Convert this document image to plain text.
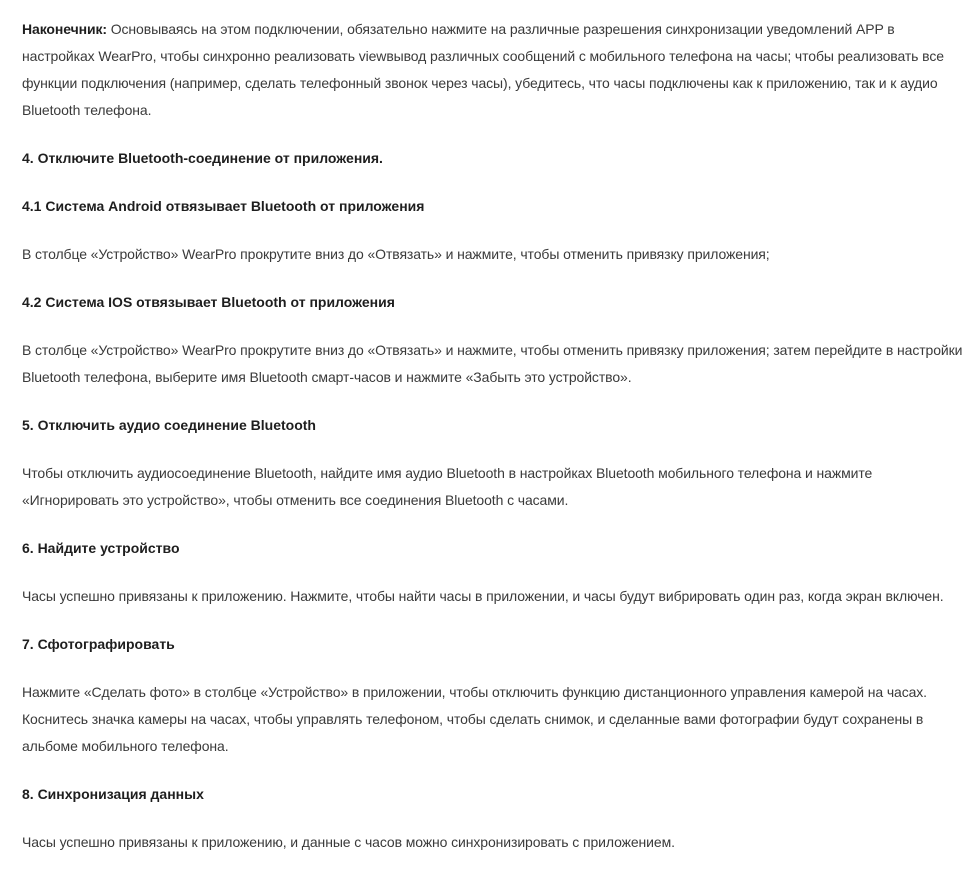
Наконечник: Основываясь на этом подключении, обязательно нажмите на различные разрешения синхронизации уведомлений APP в настройках WearPro, чтобы синхронно реализовать viewвывод различных сообщений с мобильного телефона на часы; чтобы реализовать все функции подключения (например, сделать телефонный звонок через часы), убедитесь, что часы подключены как к приложению, так и к аудио Bluetooth телефона.

4. Отключите Bluetooth-соединение от приложения.
4.1 Система Android отвязывает Bluetooth от приложения

В столбце «Устройство» WearPro прокрутите вниз до «Отвязать» и нажмите, чтобы отменить привязку приложения;

4.2 Система IOS отвязывает Bluetooth от приложения

В столбце «Устройство» WearPro прокрутите вниз до «Отвязать» и нажмите, чтобы отменить привязку приложения; затем перейдите в настройки Bluetooth телефона, выберите имя Bluetooth смарт-часов и нажмите «Забыть это устройство».

5. Отключить аудио соединение Bluetooth

Чтобы отключить аудиосоединение Bluetooth, найдите имя аудио Bluetooth в настройках Bluetooth мобильного телефона и нажмите «Игнорировать это устройство», чтобы отменить все соединения Bluetooth с часами.

6. Найдите устройство

Часы успешно привязаны к приложению. Нажмите, чтобы найти часы в приложении, и часы будут вибрировать один раз, когда экран включен.

7. Сфотографировать

Нажмите «Сделать фото» в столбце «Устройство» в приложении, чтобы отключить функцию дистанционного управления камерой на часах. Коснитесь значка камеры на часах, чтобы управлять телефоном, чтобы сделать снимок, и сделанные вами фотографии будут сохранены в альбоме мобильного телефона.

8. Синхронизация данных

Часы успешно привязаны к приложению, и данные с часов можно синхронизировать с приложением.
